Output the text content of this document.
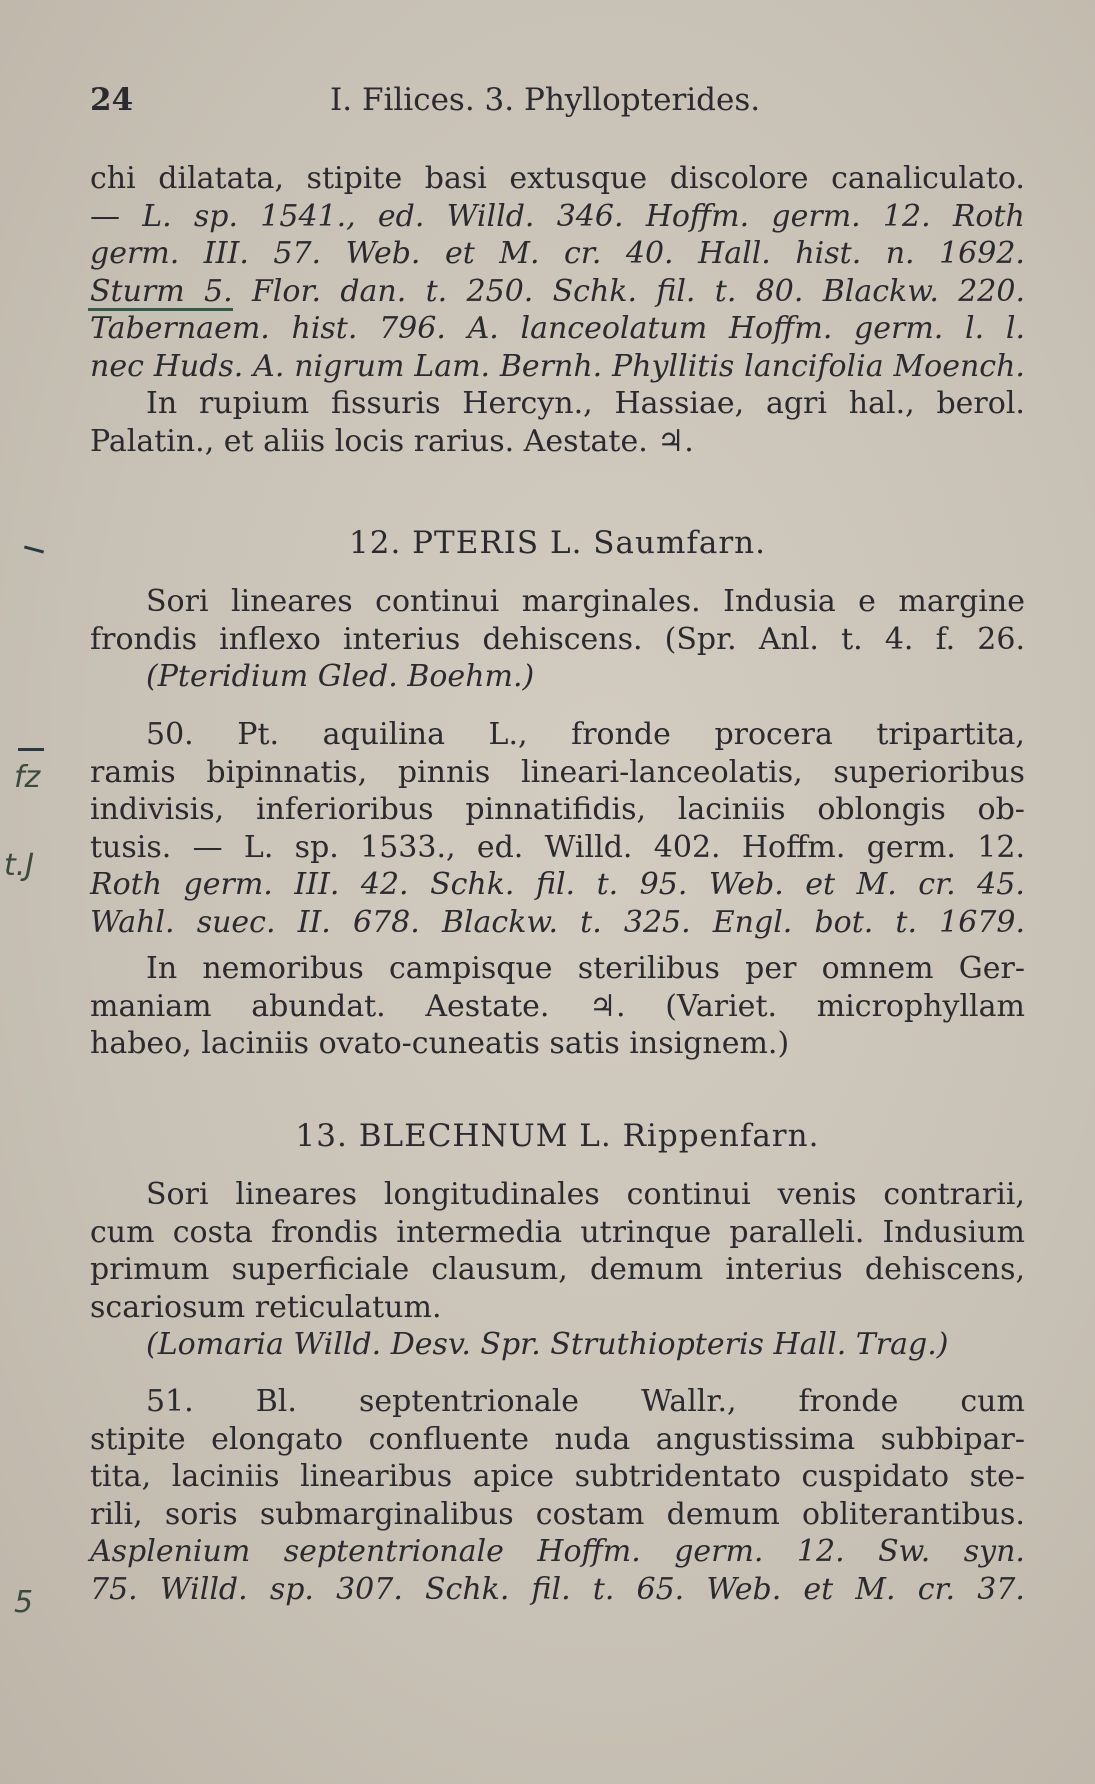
24	I. Filices. 3. Phyllopterides.
chi dilatata, stipite basi extusque discolore canaliculato.
— L. sp. 1541., ed. Willd. 346. Hoffm. germ. 12. Roth
germ. III. 57. Web. et M. cr. 40. Hall. hist. n. 1692.
Sturm 5. Flor. dan. t. 250. Schk. fil. t. 80. Blackw. 220.
Tabernaem. hist. 796. A. lanceolatum Hoffm. germ. l. l.
nec Huds. A. nigrum Lam. Bernh. Phyllitis lancifolia Moench.
In rupium fissuris Hercyn., Hassiae, agri hal., berol.
Palatin., et aliis locis rarius. Aestate. ♃.
12. PTERIS L. Saumfarn.
Sori lineares continui marginales. Indusia e margine
frondis inflexo interius dehiscens. (Spr. Anl. t. 4. f. 26.
(Pteridium Gled. Boehm.)
50. Pt. aquilina L., fronde procera tripartita,
ramis bipinnatis, pinnis lineari-lanceolatis, superioribus
indivisis, inferioribus pinnatifidis, laciniis oblongis ob-
tusis. — L. sp. 1533., ed. Willd. 402. Hoffm. germ. 12.
Roth germ. III. 42. Schk. fil. t. 95. Web. et M. cr. 45.
Wahl. suec. II. 678. Blackw. t. 325. Engl. bot. t. 1679.
In nemoribus campisque sterilibus per omnem Ger-
maniam abundat. Aestate. ♃. (Variet. microphyllam
habeo, laciniis ovato-cuneatis satis insignem.)
13. BLECHNUM L. Rippenfarn.
Sori lineares longitudinales continui venis contrarii,
cum costa frondis intermedia utrinque paralleli. Indusium
primum superficiale clausum, demum interius dehiscens,
scariosum reticulatum.
(Lomaria Willd. Desv. Spr. Struthiopteris Hall. Trag.)
51. Bl. septentrionale Wallr., fronde cum
stipite elongato confluente nuda angustissima subbipar-
tita, laciniis linearibus apice subtridentato cuspidato ste-
rili, soris submarginalibus costam demum obliterantibus.
Asplenium septentrionale Hoffm. germ. 12. Sw. syn.
75. Willd. sp. 307. Schk. fil. t. 65. Web. et M. cr. 37.
fz
t.J
5
